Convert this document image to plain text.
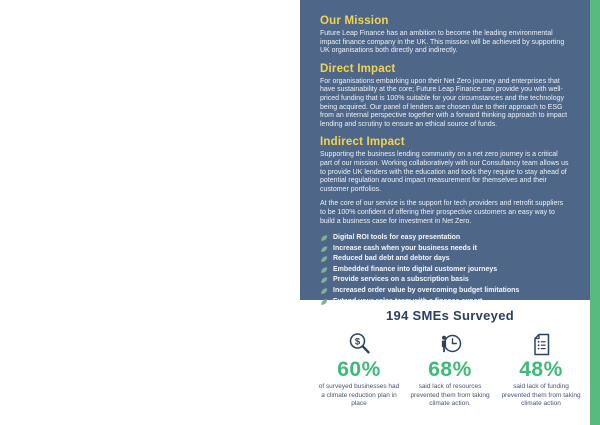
Our Mission

Future Leap Finance has an ambition to become the leading environmental impact finance company in the UK. This mission will be achieved by supporting UK organisations both directly and indirectly.

Direct Impact

For organisations embarking upon their Net Zero journey and enterprises that have sustainability at the core; Future Leap Finance can provide you with well-priced funding that is 100% suitable for your circumstances and the technology being acquired. Our panel of lenders are chosen due to their approach to ESG from an internal perspective together with a forward thinking approach to impact lending and scrutiny to ensure an ethical source of funds.

Indirect Impact

Supporting the business lending community on a net zero journey is a critical part of our mission. Working collaboratively with our Consultancy team allows us to provide UK lenders with the education and tools they require to stay ahead of potential regulation around impact measurement for themselves and their customer portfolios.

At the core of our service is the support for tech providers and retrofit suppliers to be 100% confident of offering their prospective customers an easy way to build a business case for investment in Net Zero.

Digital ROI tools for easy presentation
Increase cash when your business needs it
Reduced bad debt and debtor days
Embedded finance into digital customer journeys
Provide services on a subscription basis
Increased order value by overcoming budget limitations
Extend your sales team with a finance expert
194 SMEs Surveyed
$
60%
of surveyed businesses had a climate reduction plan in place
68%
said lack of resources prevented them from taking climate action.
48%
said lack of funding prevented them from taking climate action
